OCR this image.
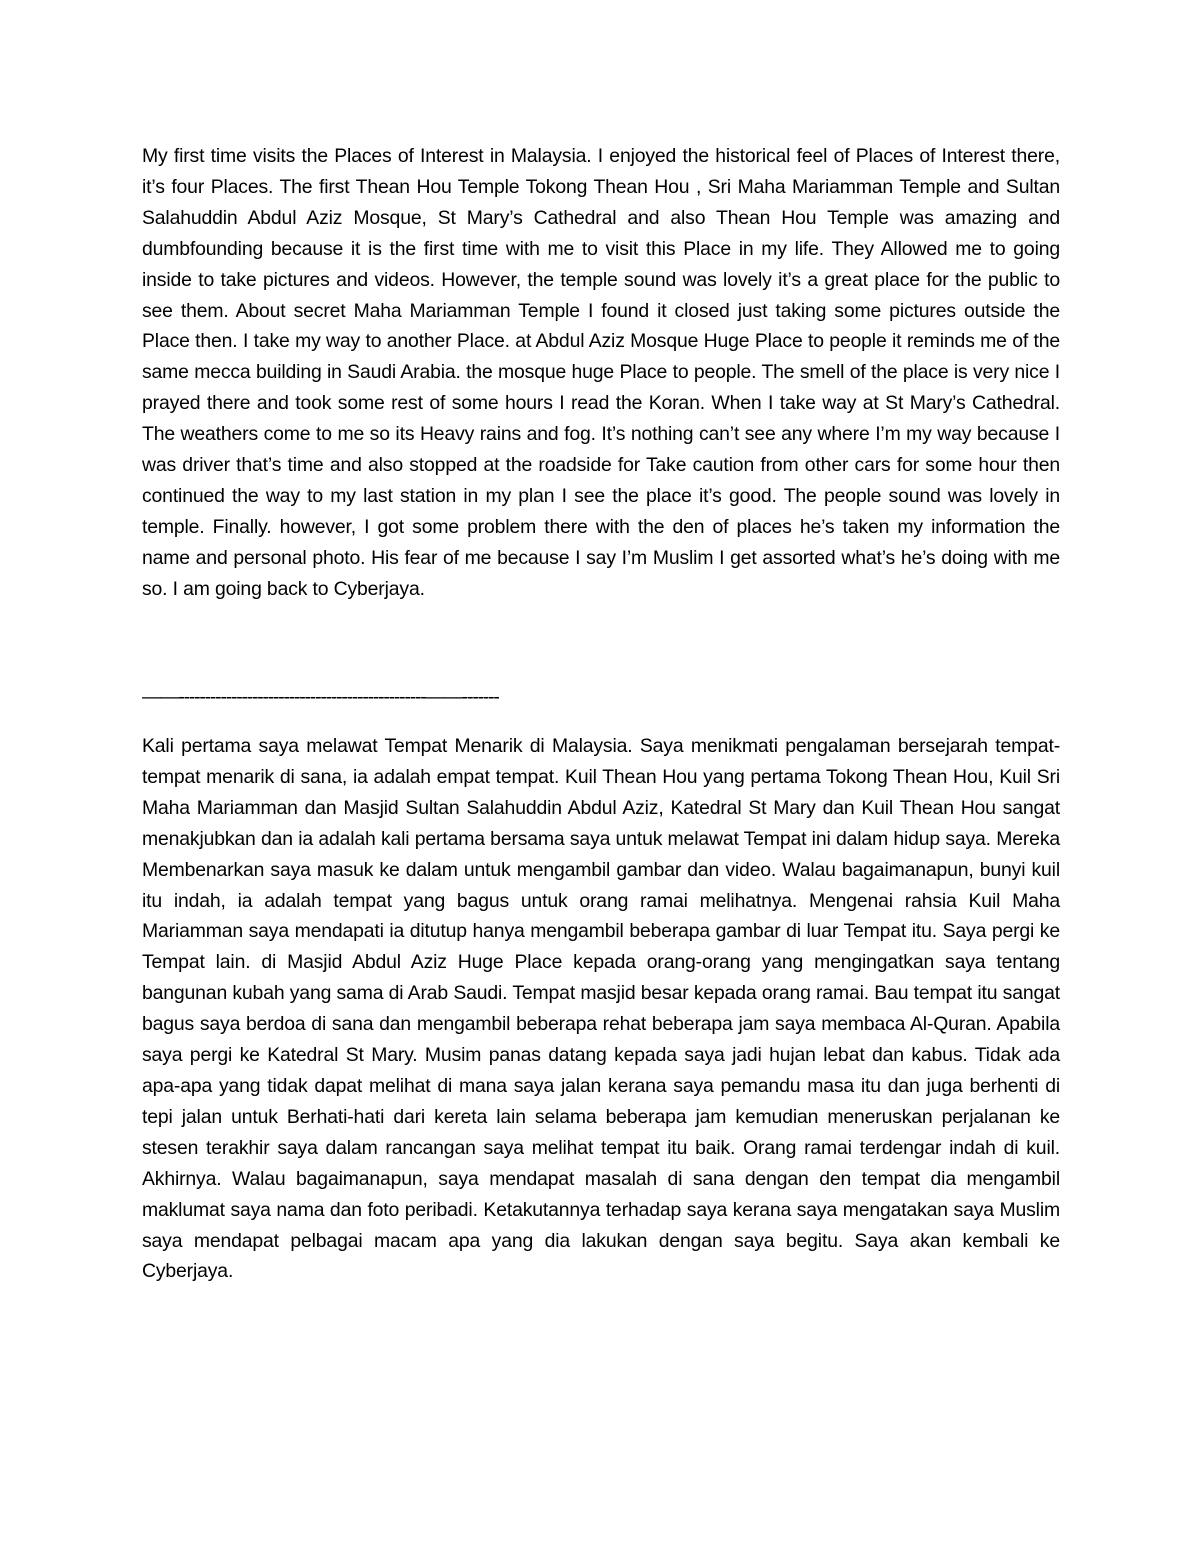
My first time visits the Places of Interest in Malaysia. I enjoyed the historical feel of Places of Interest there, it’s four Places. The first Thean Hou Temple Tokong Thean Hou , Sri Maha Mariamman Temple and Sultan Salahuddin Abdul Aziz Mosque, St Mary’s Cathedral and also Thean Hou Temple was amazing and dumbfounding because it is the first time with me to visit this Place in my life. They Allowed me to going inside to take pictures and videos. However, the temple sound was lovely it’s a great place for the public to see them. About secret Maha Mariamman Temple I found it closed just taking some pictures outside the Place then. I take my way to another Place. at Abdul Aziz Mosque Huge Place to people it reminds me of the same mecca building in Saudi Arabia. the mosque huge Place to people. The smell of the place is very nice I prayed there and took some rest of some hours I read the Koran. When I take way at St Mary’s Cathedral. The weathers come to me so its Heavy rains and fog. It’s nothing can’t see any where I’m my way because I was driver that’s time and also stopped at the roadside for Take caution from other cars for some hour then continued the way to my last station in my plan I see the place it’s good. The people sound was lovely in temple. Finally. however, I got some problem there with the den of places he’s taken my information the name and personal photo. His fear of me because I say I’m Muslim I get assorted what’s he’s doing with me so. I am going back to Cyberjaya.

——-----------------------------------------------——-------

Kali pertama saya melawat Tempat Menarik di Malaysia. Saya menikmati pengalaman bersejarah tempat-tempat menarik di sana, ia adalah empat tempat. Kuil Thean Hou yang pertama Tokong Thean Hou, Kuil Sri Maha Mariamman dan Masjid Sultan Salahuddin Abdul Aziz, Katedral St Mary dan Kuil Thean Hou sangat menakjubkan dan ia adalah kali pertama bersama saya untuk melawat Tempat ini dalam hidup saya. Mereka Membenarkan saya masuk ke dalam untuk mengambil gambar dan video. Walau bagaimanapun, bunyi kuil itu indah, ia adalah tempat yang bagus untuk orang ramai melihatnya. Mengenai rahsia Kuil Maha Mariamman saya mendapati ia ditutup hanya mengambil beberapa gambar di luar Tempat itu. Saya pergi ke Tempat lain. di Masjid Abdul Aziz Huge Place kepada orang-orang yang mengingatkan saya tentang bangunan kubah yang sama di Arab Saudi. Tempat masjid besar kepada orang ramai. Bau tempat itu sangat bagus saya berdoa di sana dan mengambil beberapa rehat beberapa jam saya membaca Al-Quran. Apabila saya pergi ke Katedral St Mary. Musim panas datang kepada saya jadi hujan lebat dan kabus. Tidak ada apa-apa yang tidak dapat melihat di mana saya jalan kerana saya pemandu masa itu dan juga berhenti di tepi jalan untuk Berhati-hati dari kereta lain selama beberapa jam kemudian meneruskan perjalanan ke stesen terakhir saya dalam rancangan saya melihat tempat itu baik. Orang ramai terdengar indah di kuil. Akhirnya. Walau bagaimanapun, saya mendapat masalah di sana dengan den tempat dia mengambil maklumat saya nama dan foto peribadi. Ketakutannya terhadap saya kerana saya mengatakan saya Muslim saya mendapat pelbagai macam apa yang dia lakukan dengan saya begitu. Saya akan kembali ke Cyberjaya.
